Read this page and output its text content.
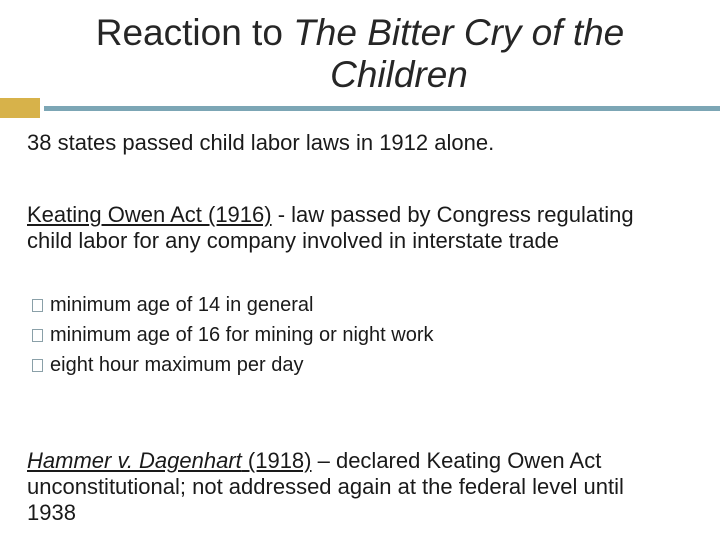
Reaction to The Bitter Cry of the
Children
38 states passed child labor laws in 1912 alone.
Keating Owen Act (1916) - law passed by Congress regulating child labor for any company involved in interstate trade
minimum age of 14 in general
minimum age of 16 for mining or night work
eight hour maximum per day
Hammer v. Dagenhart (1918) – declared Keating Owen Act unconstitutional; not addressed again at the federal level until 1938
